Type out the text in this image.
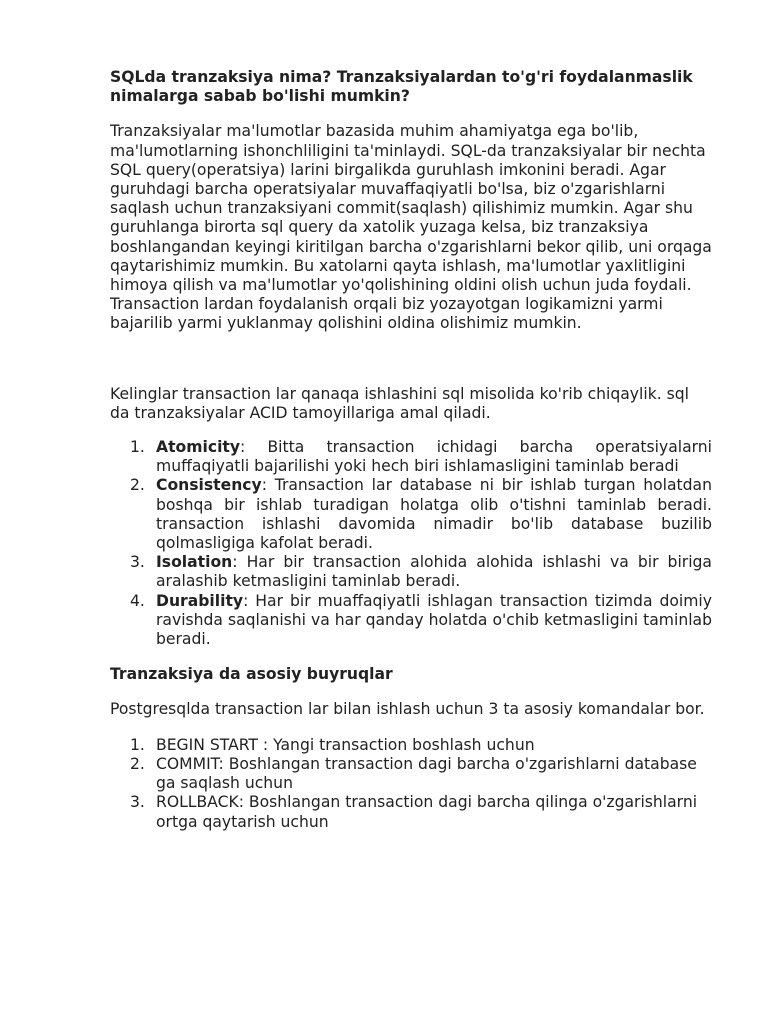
SQLda tranzaksiya nima? Tranzaksiyalardan to'g'ri foydalanmaslik nimalarga sabab bo'lishi mumkin?

Tranzaksiyalar ma'lumotlar bazasida muhim ahamiyatga ega bo'lib, ma'lumotlarning ishonchliligini ta'minlaydi. SQL-da tranzaksiyalar bir nechta SQL query(operatsiya) larini birgalikda guruhlash imkonini beradi. Agar guruhdagi barcha operatsiyalar muvaffaqiyatli bo'lsa, biz o'zgarishlarni saqlash uchun tranzaksiyani commit(saqlash) qilishimiz mumkin. Agar shu guruhlanga birorta sql query da xatolik yuzaga kelsa, biz tranzaksiya boshlangandan keyingi kiritilgan barcha o'zgarishlarni bekor qilib, uni orqaga qaytarishimiz mumkin. Bu xatolarni qayta ishlash, ma'lumotlar yaxlitligini himoya qilish va ma'lumotlar yo'qolishining oldini olish uchun juda foydali. Transaction lardan foydalanish orqali biz yozayotgan logikamizni yarmi bajarilib yarmi yuklanmay qolishini oldina olishimiz mumkin.

Kelinglar transaction lar qanaqa ishlashini sql misolida ko'rib chiqaylik. sql da tranzaksiyalar ACID tamoyillariga amal qiladi.

1. Atomicity: Bitta transaction ichidagi barcha operatsiyalarni muffaqiyatli bajarilishi yoki hech biri ishlamasligini taminlab beradi
2. Consistency: Transaction lar database ni bir ishlab turgan holatdan boshqa bir ishlab turadigan holatga olib o'tishni taminlab beradi. transaction ishlashi davomida nimadir bo'lib database buzilib qolmasligiga kafolat beradi.
3. Isolation: Har bir transaction alohida alohida ishlashi va bir biriga aralashib ketmasligini taminlab beradi.
4. Durability: Har bir muaffaqiyatli ishlagan transaction tizimda doimiy ravishda saqlanishi va har qanday holatda o'chib ketmasligini taminlab beradi.
Tranzaksiya da asosiy buyruqlar

Postgresqlda transaction lar bilan ishlash uchun 3 ta asosiy komandalar bor.

1. BEGIN START : Yangi transaction boshlash uchun
2. COMMIT: Boshlangan transaction dagi barcha o'zgarishlarni database ga saqlash uchun
3. ROLLBACK: Boshlangan transaction dagi barcha qilinga o'zgarishlarni ortga qaytarish uchun
